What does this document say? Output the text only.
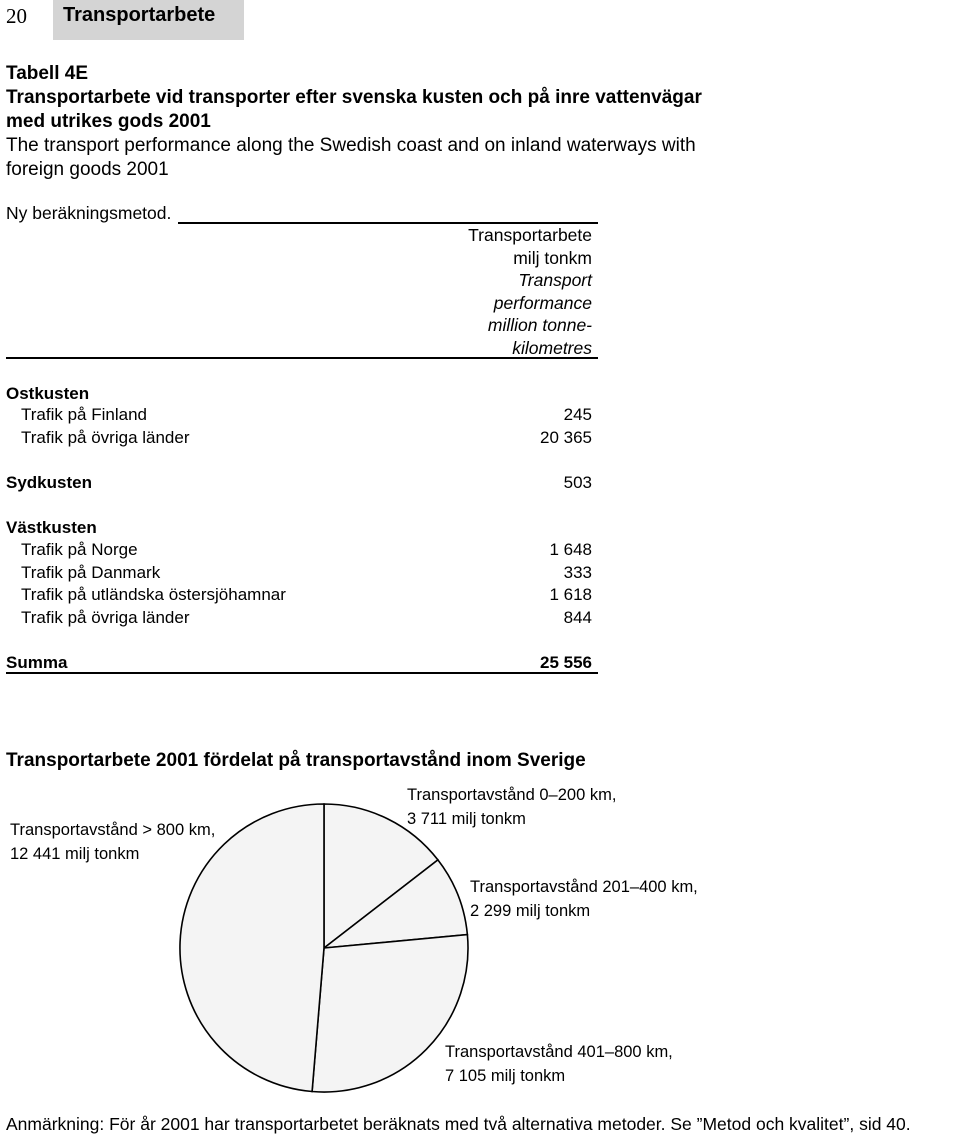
20 Transportarbete
Tabell 4E
Transportarbete vid transporter efter svenska kusten och på inre vattenvägar
med utrikes gods 2001
The transport performance along the Swedish coast and on inland waterways with
foreign goods 2001
Ny beräkningsmetod.
Transportarbete
milj tonkm
Transport
performance
million tonne-
kilometres
Ostkusten
Trafik på Finland	245
Trafik på övriga länder	20 365
Sydkusten	503
Västkusten
Trafik på Norge	1 648
Trafik på Danmark	333
Trafik på utländska östersjöhamnar	1 618
Trafik på övriga länder	844
Summa	25 556
Transportarbete 2001 fördelat på transportavstånd inom Sverige
Transportavstånd 0–200 km,
3 711 milj tonkm
Transportavstånd 201–400 km,
2 299 milj tonkm
Transportavstånd 401–800 km,
7 105 milj tonkm
Transportavstånd > 800 km,
12 441 milj tonkm
Anmärkning: För år 2001 har transportarbetet beräknats med två alternativa metoder. Se ”Metod och kvalitet”, sid 40.
